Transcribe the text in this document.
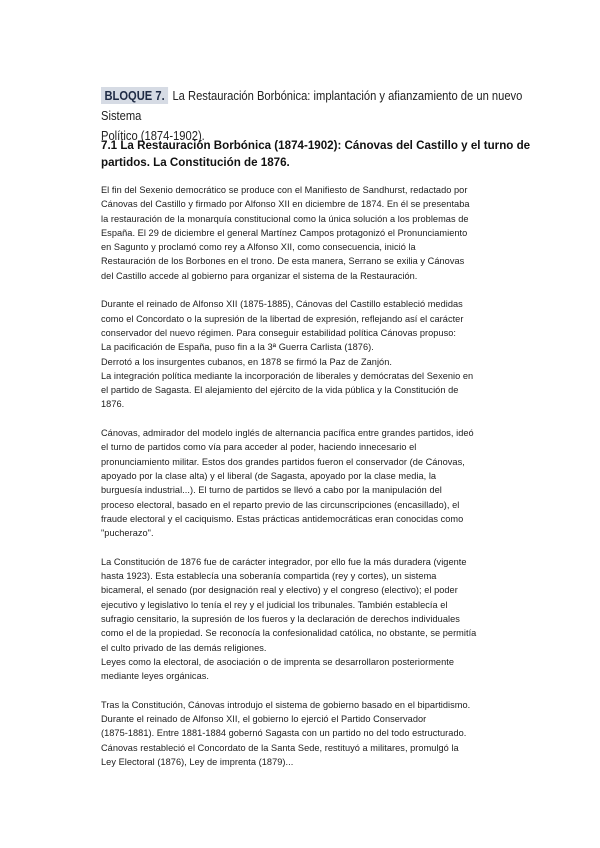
BLOQUE 7. La Restauración Borbónica: implantación y afianzamiento de un nuevo Sistema
Político (1874-1902).
7.1 La Restauración Borbónica (1874-1902): Cánovas del Castillo y el turno de
partidos. La Constitución de 1876.
El fin del Sexenio democrático se produce con el Manifiesto de Sandhurst, redactado por
Cánovas del Castillo y firmado por Alfonso XII en diciembre de 1874. En él se presentaba
la restauración de la monarquía constitucional como la única solución a los problemas de
España. El 29 de diciembre el general Martínez Campos protagonizó el Pronunciamiento
en Sagunto y proclamó como rey a Alfonso XII, como consecuencia, inició la
Restauración de los Borbones en el trono. De esta manera, Serrano se exilia y Cánovas
del Castillo accede al gobierno para organizar el sistema de la Restauración.
Durante el reinado de Alfonso XII (1875-1885), Cánovas del Castillo estableció medidas
como el Concordato o la supresión de la libertad de expresión, reflejando así el carácter
conservador del nuevo régimen. Para conseguir estabilidad política Cánovas propuso:
La pacificación de España, puso fin a la 3ª Guerra Carlista (1876).
Derrotó a los insurgentes cubanos, en 1878 se firmó la Paz de Zanjón.
La integración política mediante la incorporación de liberales y demócratas del Sexenio en
el partido de Sagasta. El alejamiento del ejército de la vida pública y la Constitución de
1876.
Cánovas, admirador del modelo inglés de alternancia pacífica entre grandes partidos, ideó
el turno de partidos como vía para acceder al poder, haciendo innecesario el
pronunciamiento militar. Estos dos grandes partidos fueron el conservador (de Cánovas,
apoyado por la clase alta) y el liberal (de Sagasta, apoyado por la clase media, la
burguesía industrial...). El turno de partidos se llevó a cabo por la manipulación del
proceso electoral, basado en el reparto previo de las circunscripciones (encasillado), el
fraude electoral y el caciquismo. Estas prácticas antidemocráticas eran conocidas como
"pucherazo".
La Constitución de 1876 fue de carácter integrador, por ello fue la más duradera (vigente
hasta 1923). Esta establecía una soberanía compartida (rey y cortes), un sistema
bicameral, el senado (por designación real y electivo) y el congreso (electivo); el poder
ejecutivo y legislativo lo tenía el rey y el judicial los tribunales. También establecía el
sufragio censitario, la supresión de los fueros y la declaración de derechos individuales
como el de la propiedad. Se reconocía la confesionalidad católica, no obstante, se permitía
el culto privado de las demás religiones.
Leyes como la electoral, de asociación o de imprenta se desarrollaron posteriormente
mediante leyes orgánicas.
Tras la Constitución, Cánovas introdujo el sistema de gobierno basado en el bipartidismo.
Durante el reinado de Alfonso XII, el gobierno lo ejerció el Partido Conservador
(1875-1881). Entre 1881-1884 gobernó Sagasta con un partido no del todo estructurado.
Cánovas restableció el Concordato de la Santa Sede, restituyó a militares, promulgó la
Ley Electoral (1876), Ley de imprenta (1879)...
